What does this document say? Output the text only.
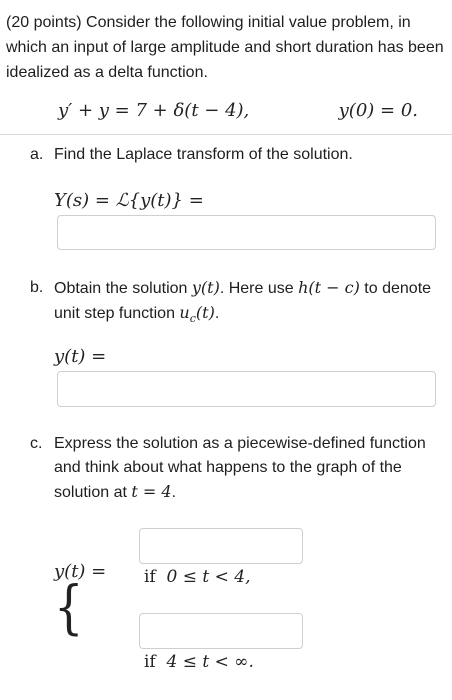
(20 points) Consider the following initial value problem, in which an input of large amplitude and short duration has been idealized as a delta function.
y′ + y = 7 + δ(t − 4),	y(0) = 0.
a. Find the Laplace transform of the solution.
Y(s) = ℒ{y(t)} =
b. Obtain the solution y(t). Here use h(t − c) to denote unit step function $u_c(t)$.
y(t) =
c. Express the solution as a piecewise-defined function and think about what happens to the graph of the solution at t = 4.
y(t) =
{	if 0 ≤ t < 4,
if 4 ≤ t < ∞.
